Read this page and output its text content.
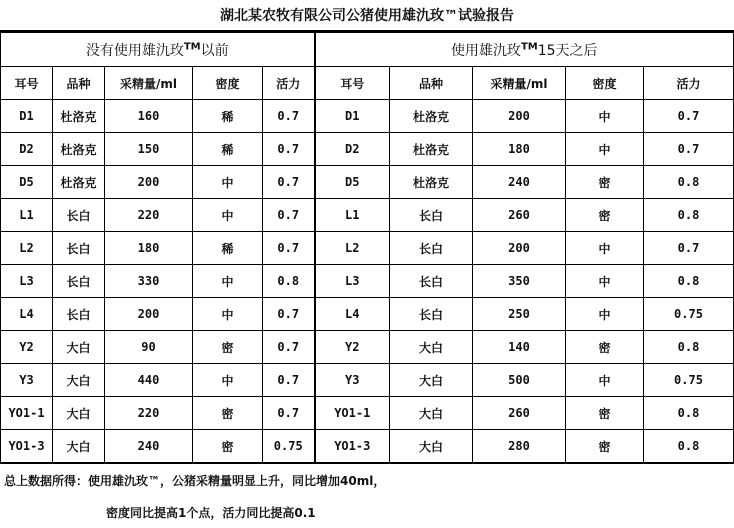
湖北某农牧有限公司公猪使用雄氿玫™试验报告
没有使用雄氿玫™以前					使用雄氿玫™15天之后				
耳号	品种	采精量/ml	密度	活力	耳号	品种	采精量/ml	密度	活力
D1	杜洛克	160	稀	0.7	D1	杜洛克	200	中	0.7
D2	杜洛克	150	稀	0.7	D2	杜洛克	180	中	0.7
D5	杜洛克	200	中	0.7	D5	杜洛克	240	密	0.8
L1	长白	220	中	0.7	L1	长白	260	密	0.8
L2	长白	180	稀	0.7	L2	长白	200	中	0.7
L3	长白	330	中	0.8	L3	长白	350	中	0.8
L4	长白	200	中	0.7	L4	长白	250	中	0.75
Y2	大白	90	密	0.7	Y2	大白	140	密	0.8
Y3	大白	440	中	0.7	Y3	大白	500	中	0.75
YO1-1	大白	220	密	0.7	YO1-1	大白	260	密	0.8
YO1-3	大白	240	密	0.75	YO1-3	大白	280	密	0.8
总上数据所得：使用雄氿玫™，公猪采精量明显上升，同比增加40ml，
密度同比提高1个点，活力同比提高0.1
